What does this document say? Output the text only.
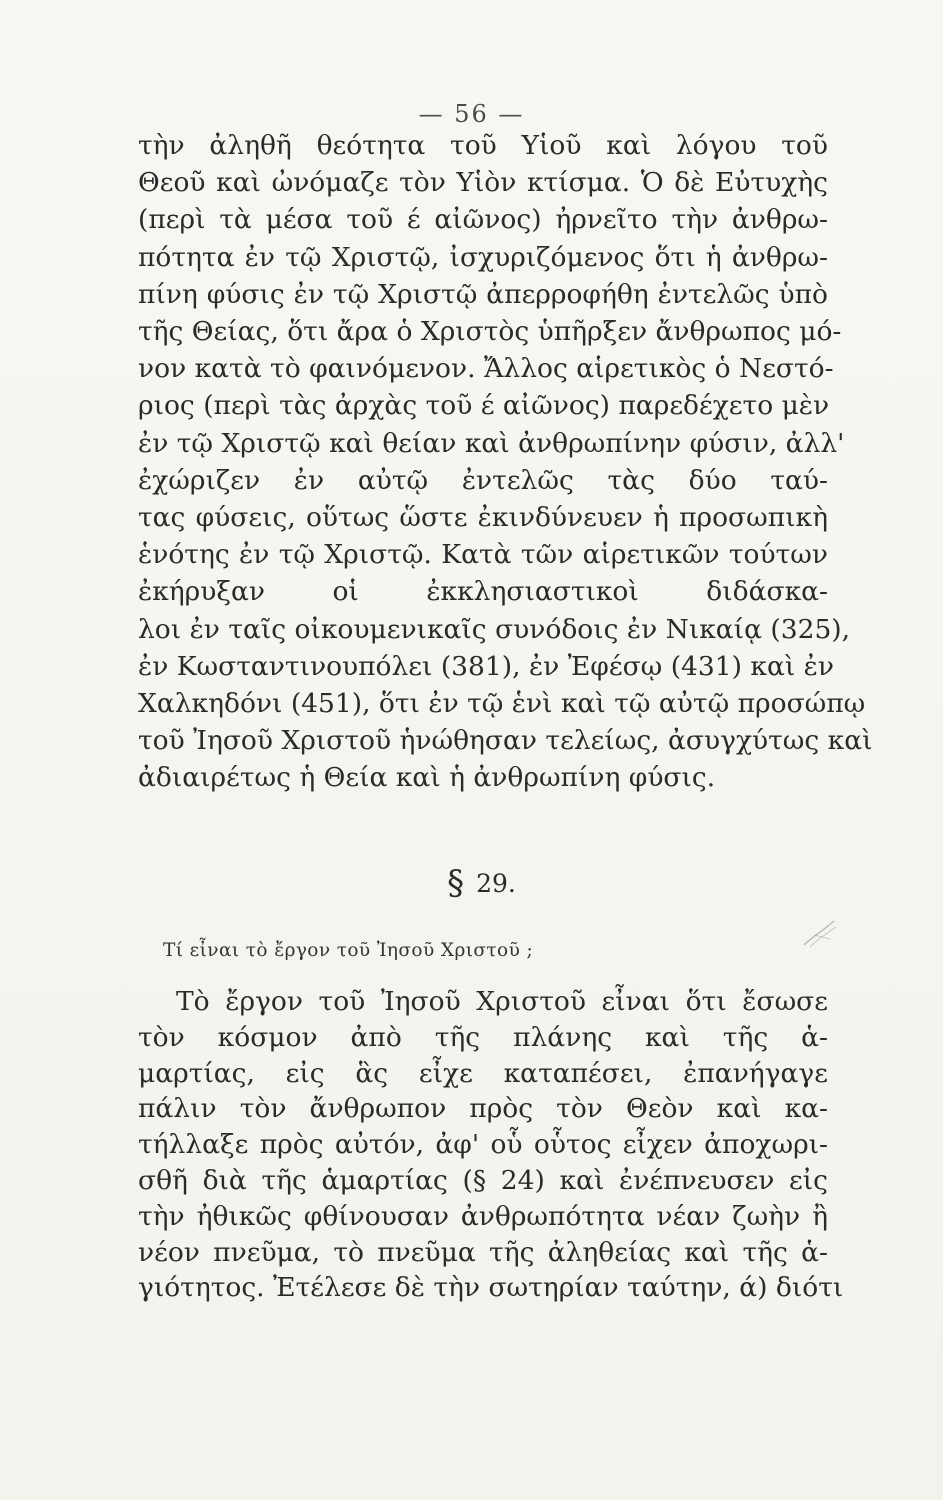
— 56 —

τὴν ἀληθῆ θεότητα τοῦ Υἱοῦ καὶ λόγου τοῦ
Θεοῦ καὶ ὠνόμαζε τὸν Υἱὸν κτίσμα. Ὁ δὲ Εὐτυχὴς
(περὶ τὰ μέσα τοῦ έ αἰῶνος) ἠρνεῖτο τὴν ἀνθρω-
πότητα ἐν τῷ Χριστῷ, ἰσχυριζόμενος ὅτι ἡ ἀνθρω-
πίνη φύσις ἐν τῷ Χριστῷ ἀπερροφήθη ἐντελῶς ὑπὸ
τῆς Θείας, ὅτι ἄρα ὁ Χριστὸς ὑπῆρξεν ἄνθρωπος μό-
νον κατὰ τὸ φαινόμενον. Ἄλλος αἱρετικὸς ὁ Νεστό-
ριος (περὶ τὰς ἀρχὰς τοῦ έ αἰῶνος) παρεδέχετο μὲν
ἐν τῷ Χριστῷ καὶ θείαν καὶ ἀνθρωπίνην φύσιν, ἀλλ'
ἐχώριζεν ἐν αὐτῷ ἐντελῶς τὰς δύο ταύ-
τας φύσεις, οὕτως ὥστε ἐκινδύνευεν ἡ προσωπικὴ
ἑνότης ἐν τῷ Χριστῷ. Κατὰ τῶν αἱρετικῶν τούτων
ἐκήρυξαν οἱ ἐκκλησιαστικοὶ διδάσκα-
λοι ἐν ταῖς οἰκουμενικαῖς συνόδοις ἐν Νικαίᾳ (325),
ἐν Κωσταντινουπόλει (381), ἐν Ἐφέσῳ (431) καὶ ἐν
Χαλκηδόνι (451), ὅτι ἐν τῷ ἑνὶ καὶ τῷ αὐτῷ προσώπῳ
τοῦ Ἰησοῦ Χριστοῦ ἡνώθησαν τελείως, ἀσυγχύτως καὶ
ἀδιαιρέτως ἡ Θεία καὶ ἡ ἀνθρωπίνη φύσις.

§ 29.
Τί εἶναι τὸ ἔργον τοῦ Ἰησοῦ Χριστοῦ ;

Τὸ ἔργον τοῦ Ἰησοῦ Χριστοῦ εἶναι ὅτι ἔσωσε
τὸν κόσμον ἀπὸ τῆς πλάνης καὶ τῆς ἁ-
μαρτίας, εἰς ἃς εἶχε καταπέσει, ἐπανήγαγε
πάλιν τὸν ἄνθρωπον πρὸς τὸν Θεὸν καὶ κα-
τήλλαξε πρὸς αὐτόν, ἀφ' οὗ οὗτος εἶχεν ἀποχωρι-
σθῆ διὰ τῆς ἁμαρτίας (§ 24) καὶ ἐνέπνευσεν εἰς
τὴν ἠθικῶς φθίνουσαν ἀνθρωπότητα νέαν ζωὴν ἢ
νέον πνεῦμα, τὸ πνεῦμα τῆς ἀληθείας καὶ τῆς ἁ-
γιότητος. Ἐτέλεσε δὲ τὴν σωτηρίαν ταύτην, ά) διότι
